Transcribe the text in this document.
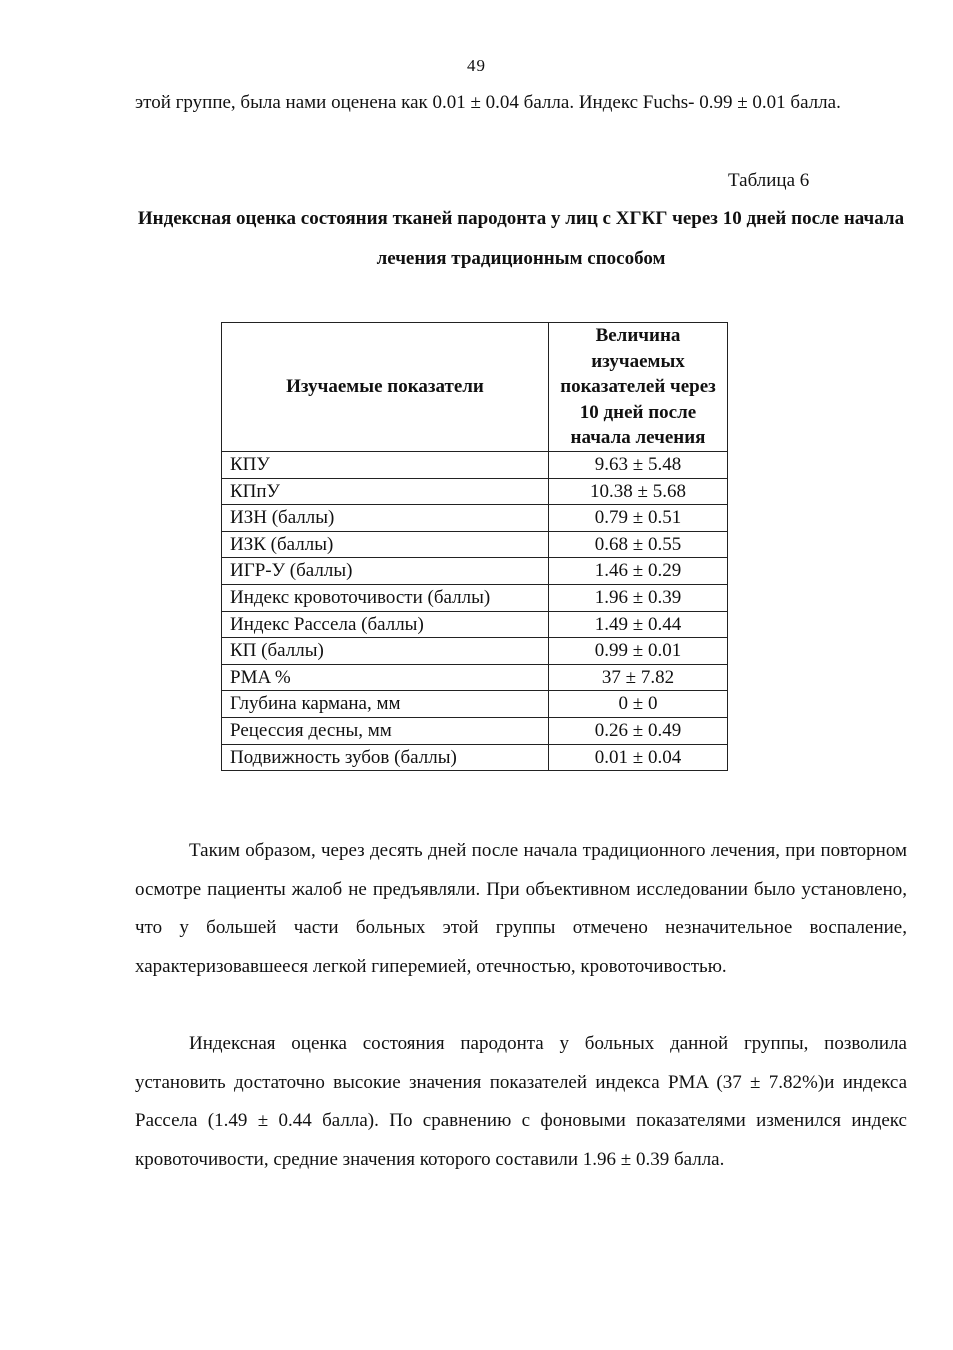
49
этой группе, была нами оценена как 0.01 ± 0.04 балла. Индекс Fuchs- 0.99 ± 0.01 балла.
Таблица 6
Индексная оценка состояния тканей пародонта у лиц с ХГКГ через 10 дней после начала лечения традиционным способом
Изучаемые показатели	Величина изучаемых показателей через 10 дней после начала лечения
КПУ	9.63 ± 5.48
КПпУ	10.38 ± 5.68
ИЗН (баллы)	0.79 ± 0.51
ИЗК (баллы)	0.68 ± 0.55
ИГР-У (баллы)	1.46 ± 0.29
Индекс кровоточивости (баллы)	1.96 ± 0.39
Индекс Рассела (баллы)	1.49 ± 0.44
КП (баллы)	0.99 ± 0.01
PMA %	37 ± 7.82
Глубина кармана, мм	0 ± 0
Рецессия десны, мм	0.26 ± 0.49
Подвижность зубов (баллы)	0.01 ± 0.04
Таким образом, через десять дней после начала традиционного лечения, при повторном осмотре пациенты жалоб не предъявляли. При объективном исследовании было установлено, что у большей части больных этой группы отмечено незначительное воспаление, характеризовавшееся легкой гиперемией, отечностью, кровоточивостью.
Индексная оценка состояния пародонта у больных данной группы, позволила установить достаточно высокие значения показателей индекса PMA (37 ± 7.82%)и индекса Рассела (1.49 ± 0.44 балла). По сравнению с фоновыми показателями изменился индекс кровоточивости, средние значения которого составили 1.96 ± 0.39 балла.
